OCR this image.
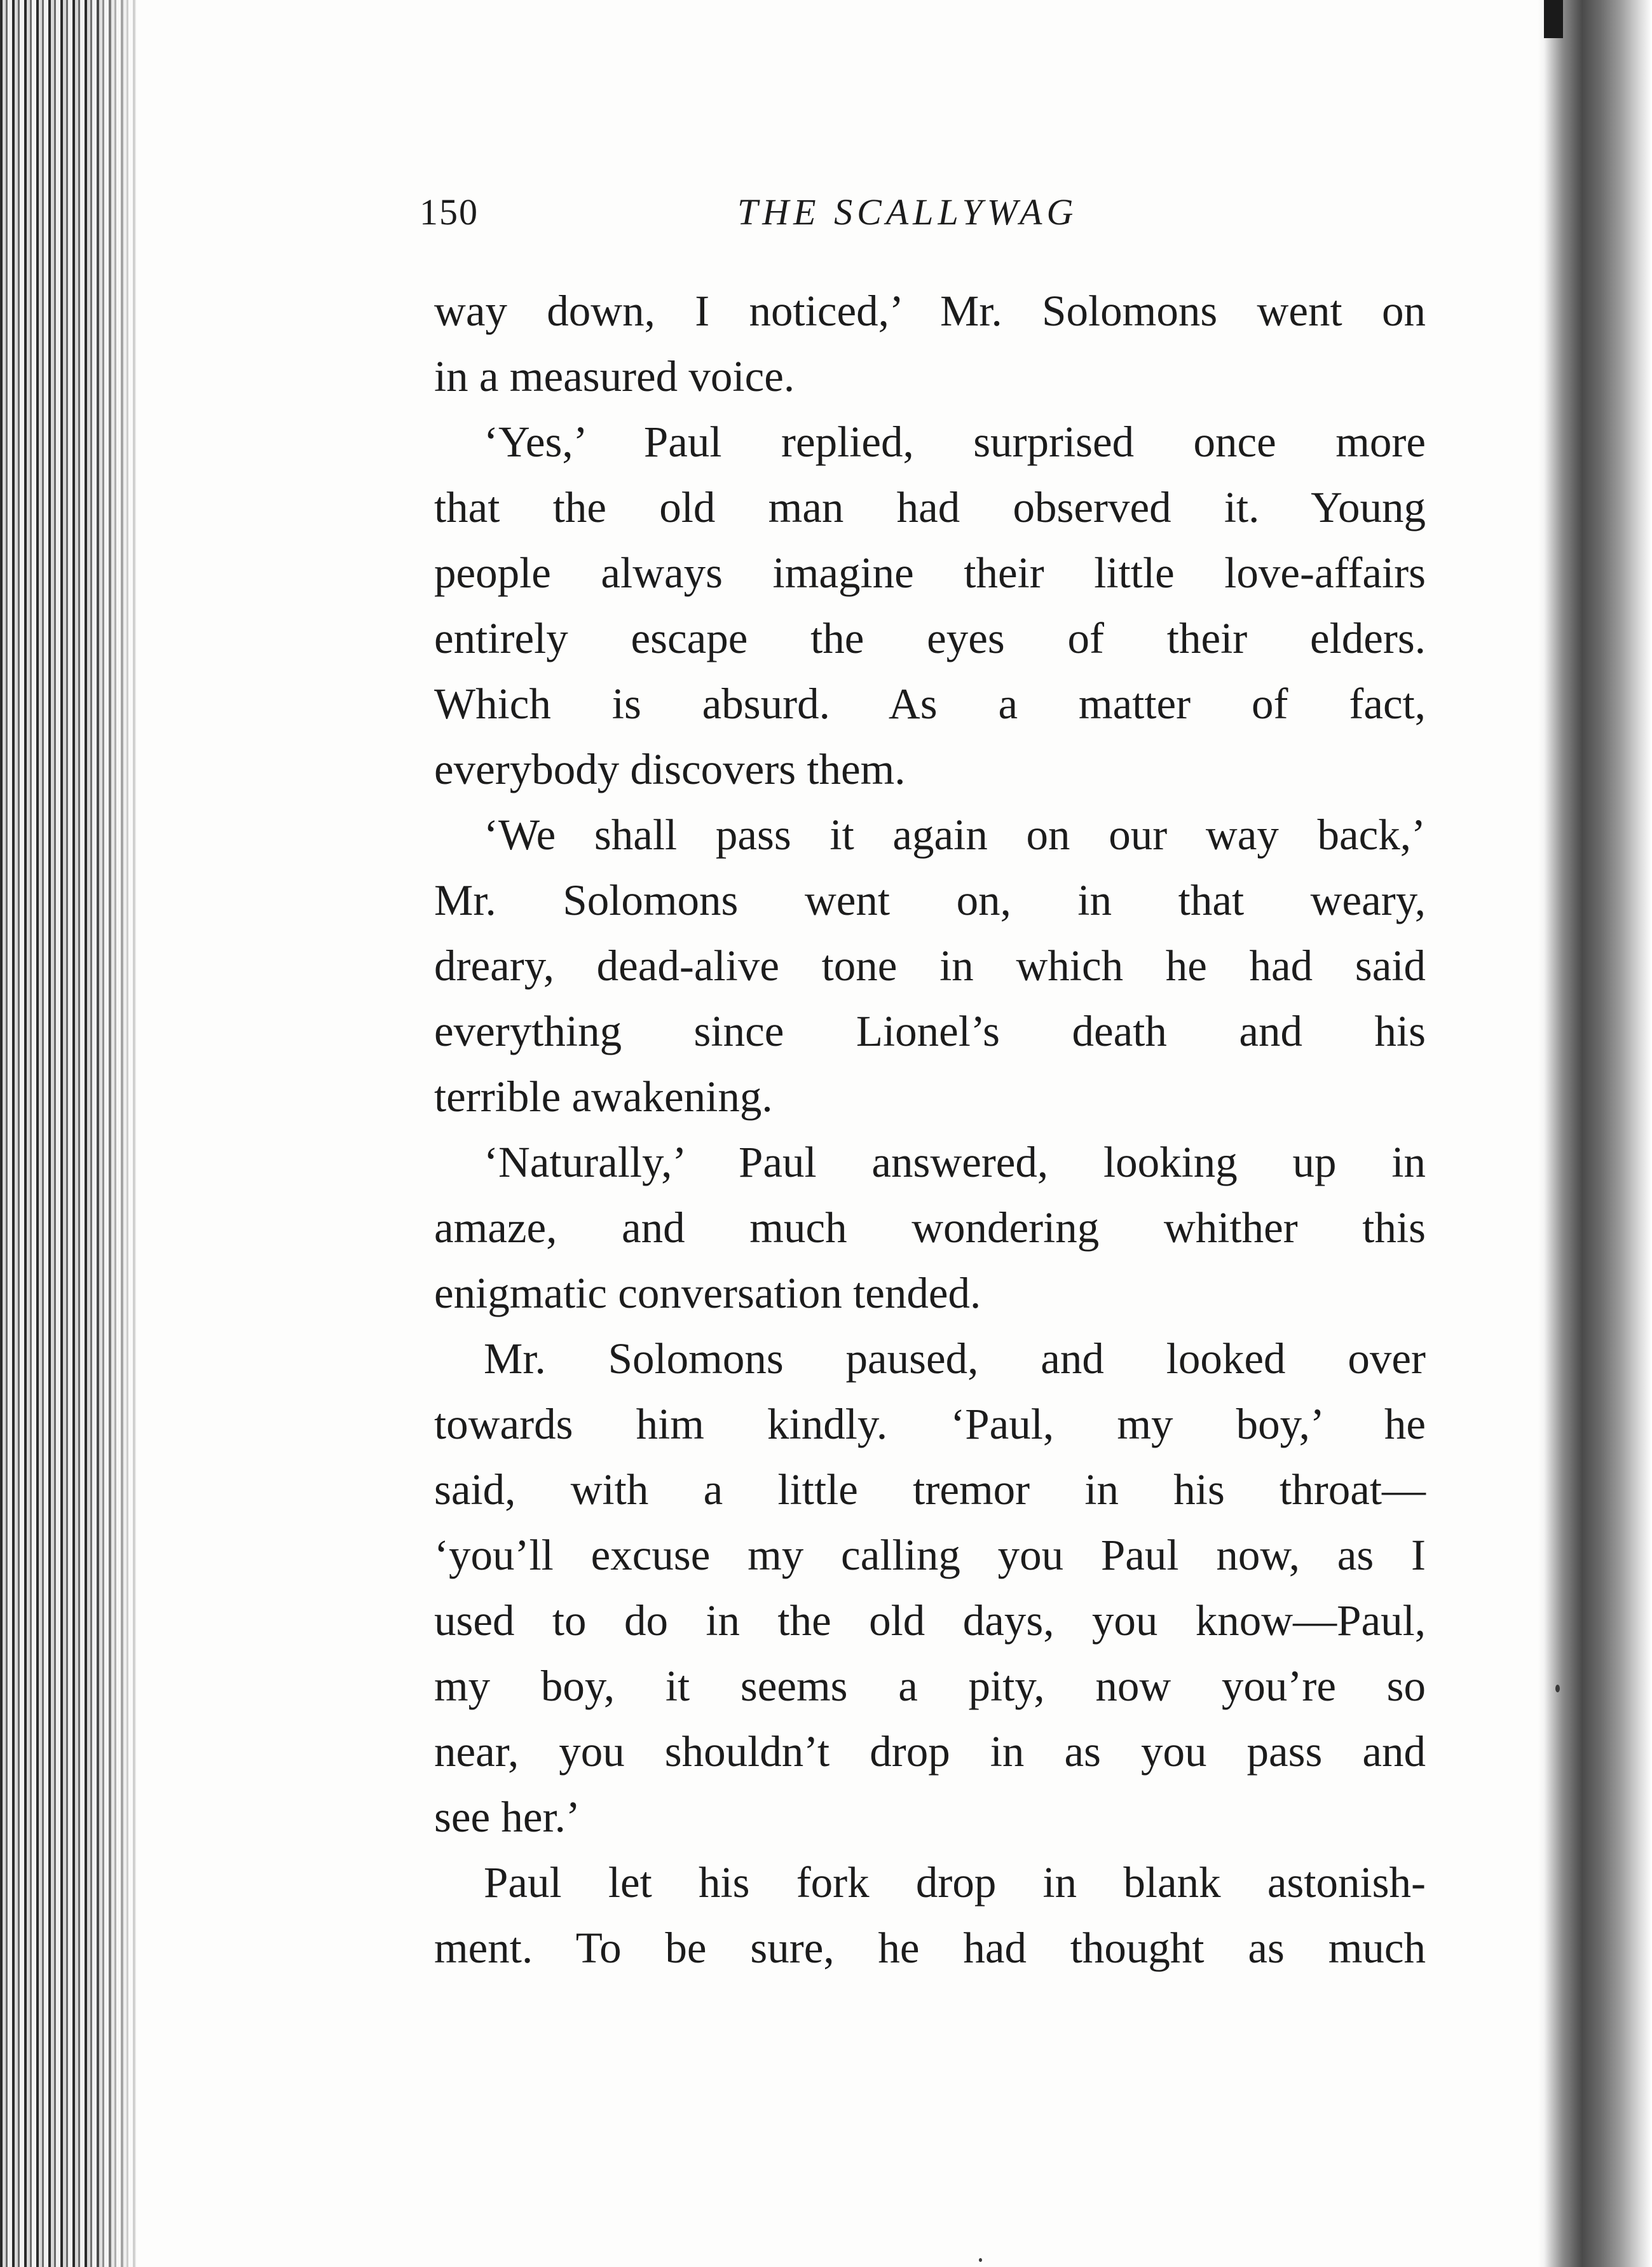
150	THE SCALLYWAG

way down, I noticed,’ Mr. Solomons went on
in a measured voice.

‘Yes,’ Paul replied, surprised once more
that the old man had observed it. Young
people always imagine their little love-affairs
entirely escape the eyes of their elders.
Which is absurd. As a matter of fact,
everybody discovers them.

‘We shall pass it again on our way back,’
Mr. Solomons went on, in that weary,
dreary, dead-alive tone in which he had said
everything since Lionel’s death and his
terrible awakening.

‘Naturally,’ Paul answered, looking up in
amaze, and much wondering whither this
enigmatic conversation tended.

Mr. Solomons paused, and looked over
towards him kindly. ‘Paul, my boy,’ he
said, with a little tremor in his throat—
‘you’ll excuse my calling you Paul now, as I
used to do in the old days, you know—Paul,
my boy, it seems a pity, now you’re so
near, you shouldn’t drop in as you pass and
see her.’

Paul let his fork drop in blank astonish-
ment. To be sure, he had thought as much
